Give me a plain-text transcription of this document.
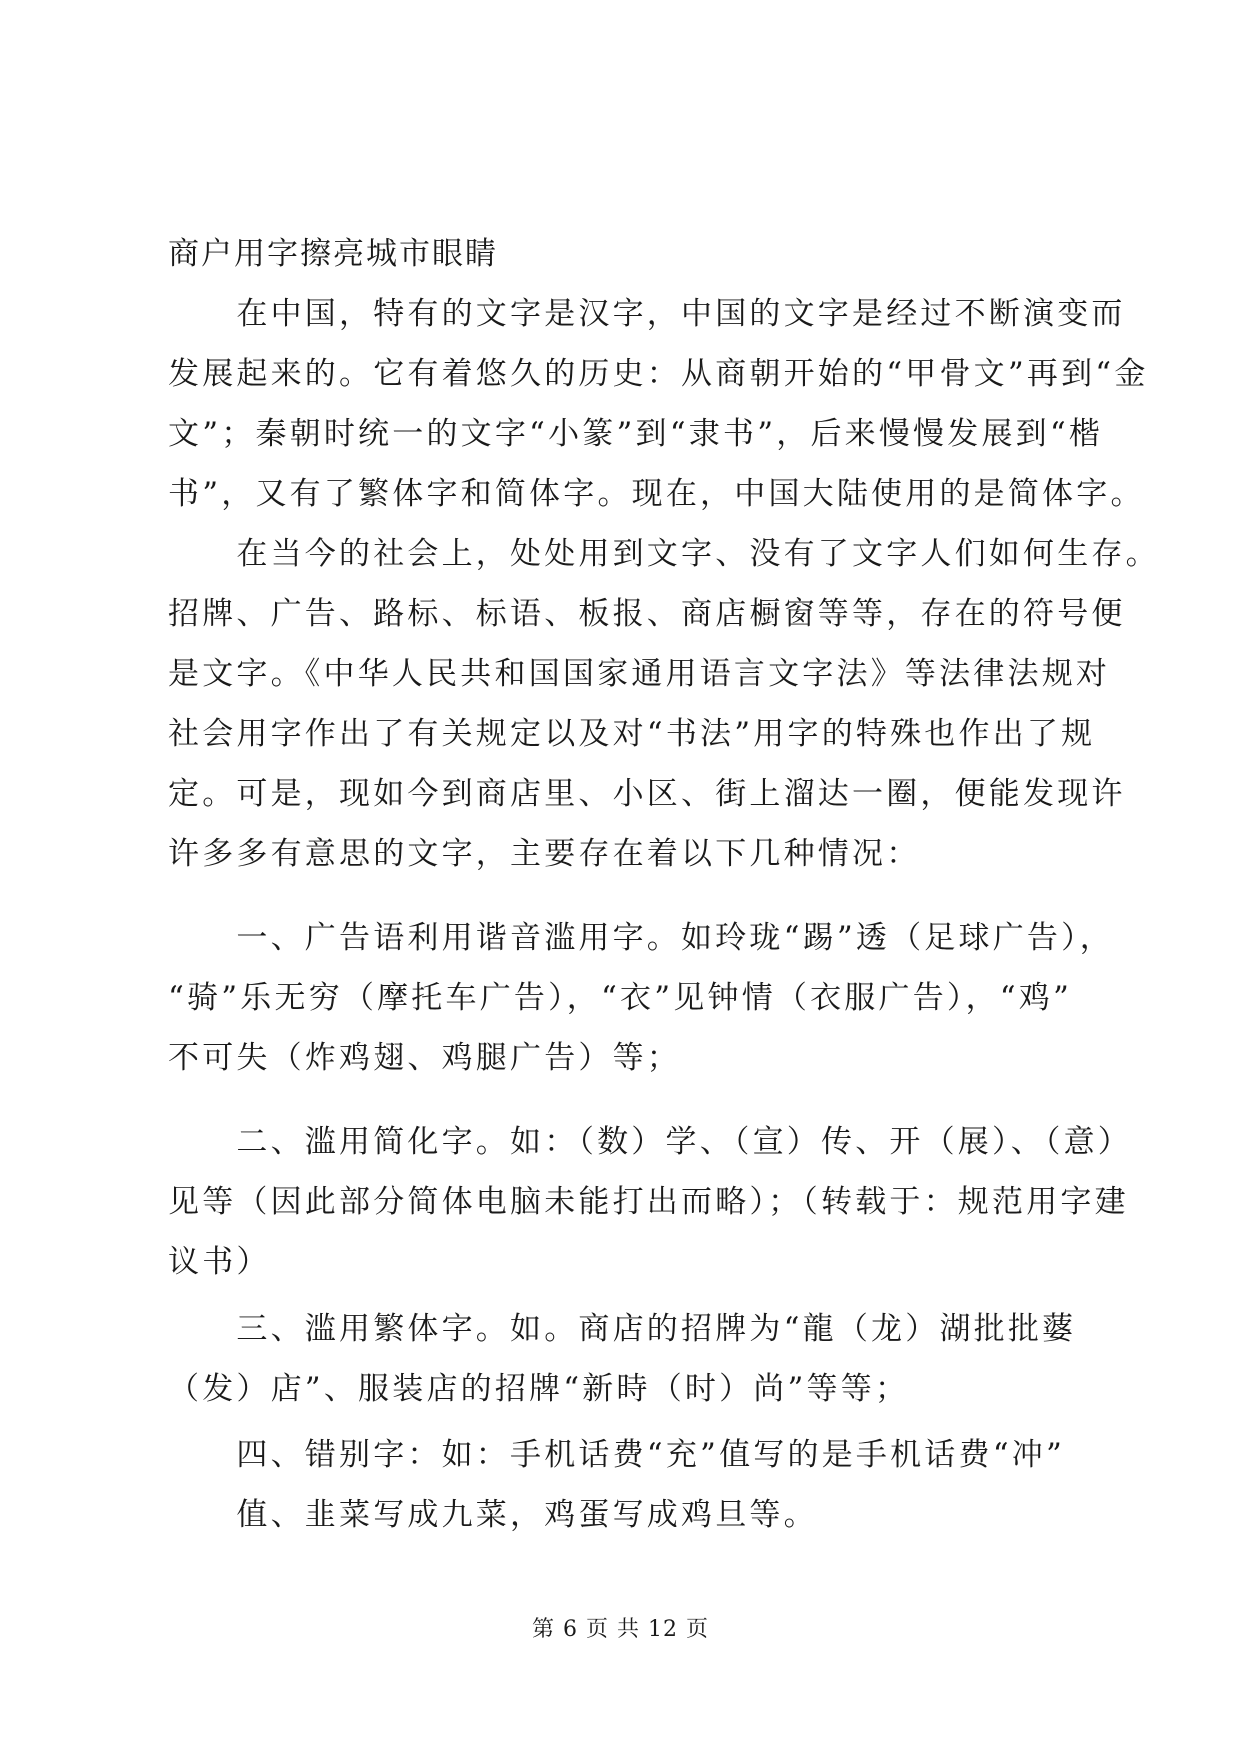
商户用字擦亮城市眼睛
　　在中国，特有的文字是汉字，中国的文字是经过不断演变而
发展起来的。它有着悠久的历史：从商朝开始的“甲骨文”再到“金
文”；秦朝时统一的文字“小篆”到“隶书”，后来慢慢发展到“楷
书”，又有了繁体字和简体字。现在，中国大陆使用的是简体字。
　　在当今的社会上，处处用到文字、没有了文字人们如何生存。
招牌、广告、路标、标语、板报、商店橱窗等等，存在的符号便
是文字。《中华人民共和国国家通用语言文字法》等法律法规对
社会用字作出了有关规定以及对“书法”用字的特殊也作出了规
定。可是，现如今到商店里、小区、街上溜达一圈，便能发现许
许多多有意思的文字，主要存在着以下几种情况：
　　一、广告语利用谐音滥用字。如玲珑“踢”透（足球广告），
“骑”乐无穷（摩托车广告），“衣”见钟情（衣服广告），“鸡”
不可失（炸鸡翅、鸡腿广告）等；
　　二、滥用简化字。如：（数）学、（宣）传、开（展）、（意）
见等（因此部分简体电脑未能打出而略）；（转载于：规范用字建
议书）
　　三、滥用繁体字。如。商店的招牌为“龍（龙）湖批批蔢
（发）店”、服装店的招牌“新時（时）尚”等等；
　　四、错别字：如：手机话费“充”值写的是手机话费“冲”
　　值、韭菜写成九菜，鸡蛋写成鸡旦等。
第 6 页 共 12 页
